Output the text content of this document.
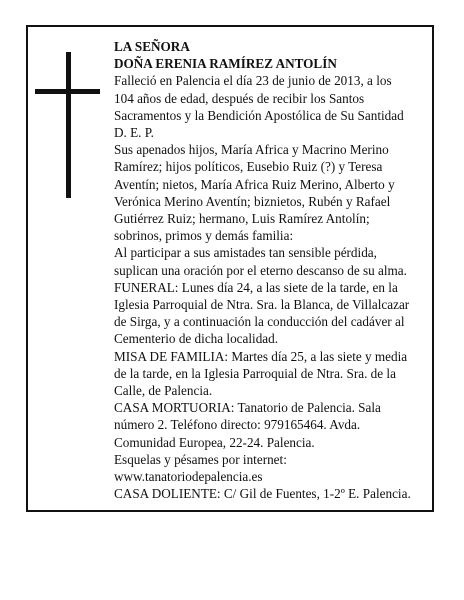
LA SEÑORA

DOÑA ERENIA RAMÍREZ ANTOLÍN

Falleció en Palencia el día 23 de junio de 2013, a los

104 años de edad, después de recibir los Santos

Sacramentos y la Bendición Apostólica de Su Santidad

D. E. P.

Sus apenados hijos, María Africa y Macrino Merino

Ramírez; hijos políticos, Eusebio Ruiz (?) y Teresa

Aventín; nietos, María Africa Ruiz Merino, Alberto y

Verónica Merino Aventín; biznietos, Rubén y Rafael

Gutiérrez Ruiz; hermano, Luis Ramírez Antolín;

sobrinos, primos y demás familia:

Al participar a sus amistades tan sensible pérdida,

suplican una oración por el eterno descanso de su alma.

FUNERAL: Lunes día 24, a las siete de la tarde, en la

Iglesia Parroquial de Ntra. Sra. la Blanca, de Villalcazar

de Sirga, y a continuación la conducción del cadáver al

Cementerio de dicha localidad.

MISA DE FAMILIA: Martes día 25, a las siete y media

de la tarde, en la Iglesia Parroquial de Ntra. Sra. de la

Calle, de Palencia.

CASA MORTUORIA: Tanatorio de Palencia. Sala

número 2. Teléfono directo: 979165464. Avda.

Comunidad Europea, 22-24. Palencia.

Esquelas y pésames por internet:

www.tanatoriodepalencia.es

CASA DOLIENTE: C/ Gil de Fuentes, 1-2º E. Palencia.
